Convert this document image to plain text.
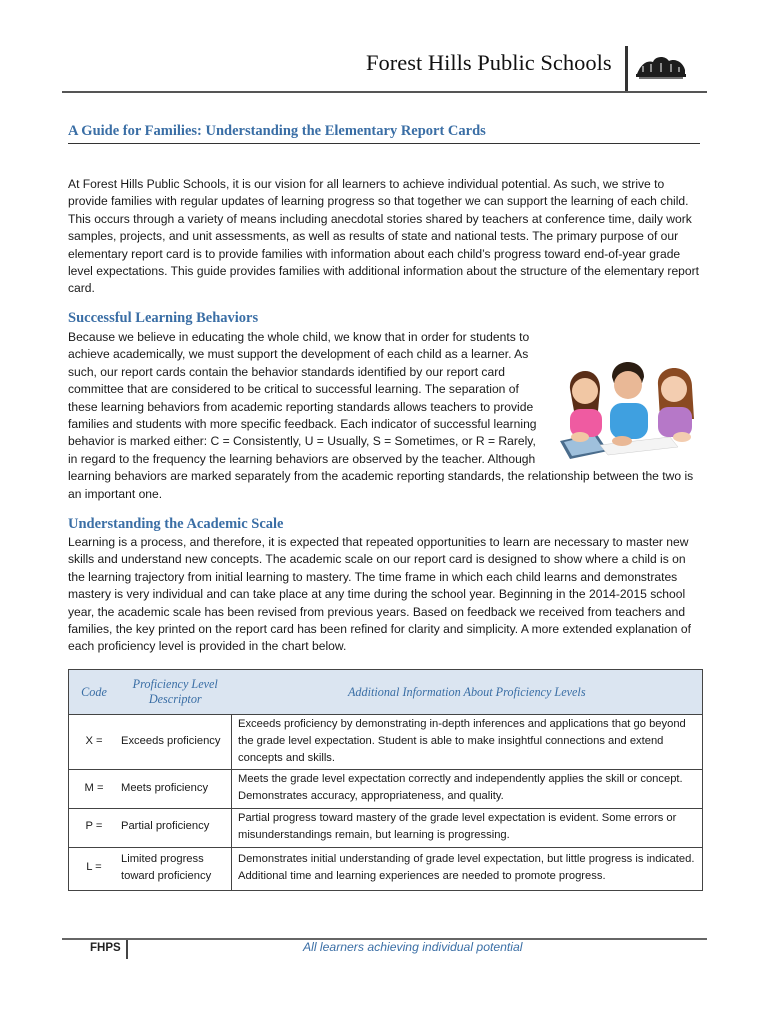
Forest Hills Public Schools
A Guide for Families: Understanding the Elementary Report Cards

At Forest Hills Public Schools, it is our vision for all learners to achieve individual potential. As such, we strive to provide families with regular updates of learning progress so that together we can support the learning of each child. This occurs through a variety of means including anecdotal stories shared by teachers at conference time, daily work samples, projects, and unit assessments, as well as results of state and national tests. The primary purpose of our elementary report card is to provide families with information about each child’s progress toward end-of-year grade level expectations. This guide provides families with additional information about the structure of the elementary report card.

Successful Learning Behaviors
Because we believe in educating the whole child, we know that in order for students to achieve academically, we must support the development of each child as a learner. As such, our report cards contain the behavior standards identified by our report card committee that are considered to be critical to successful learning. The separation of these learning behaviors from academic reporting standards allows teachers to provide families and students with more specific feedback. Each indicator of successful learning behavior is marked either: C = Consistently, U = Usually, S = Sometimes, or R = Rarely, in regard to the frequency the learning behaviors are observed by the teacher. Although learning behaviors are marked separately from the academic reporting standards, the relationship between the two is an important one.
Understanding the Academic Scale

Learning is a process, and therefore, it is expected that repeated opportunities to learn are necessary to master new skills and understand new concepts. The academic scale on our report card is designed to show where a child is on the learning trajectory from initial learning to mastery. The time frame in which each child learns and demonstrates mastery is very individual and can take place at any time during the school year. Beginning in the 2014-2015 school year, the academic scale has been revised from previous years. Based on feedback we received from teachers and families, the key printed on the report card has been refined for clarity and simplicity. A more extended explanation of each proficiency level is provided in the chart below.

Code	Proficiency Level Descriptor	Additional Information About Proficiency Levels
X =	Exceeds proficiency	Exceeds proficiency by demonstrating in-depth inferences and applications that go beyond the grade level expectation. Student is able to make insightful connections and extend concepts and skills.
M =	Meets proficiency	Meets the grade level expectation correctly and independently applies the skill or concept. Demonstrates accuracy, appropriateness, and quality.
P =	Partial proficiency	Partial progress toward mastery of the grade level expectation is evident. Some errors or misunderstandings remain, but learning is progressing.
L =	Limited progress toward proficiency	Demonstrates initial understanding of grade level expectation, but little progress is indicated. Additional time and learning experiences are needed to promote progress.
FHPS	All learners achieving individual potential
